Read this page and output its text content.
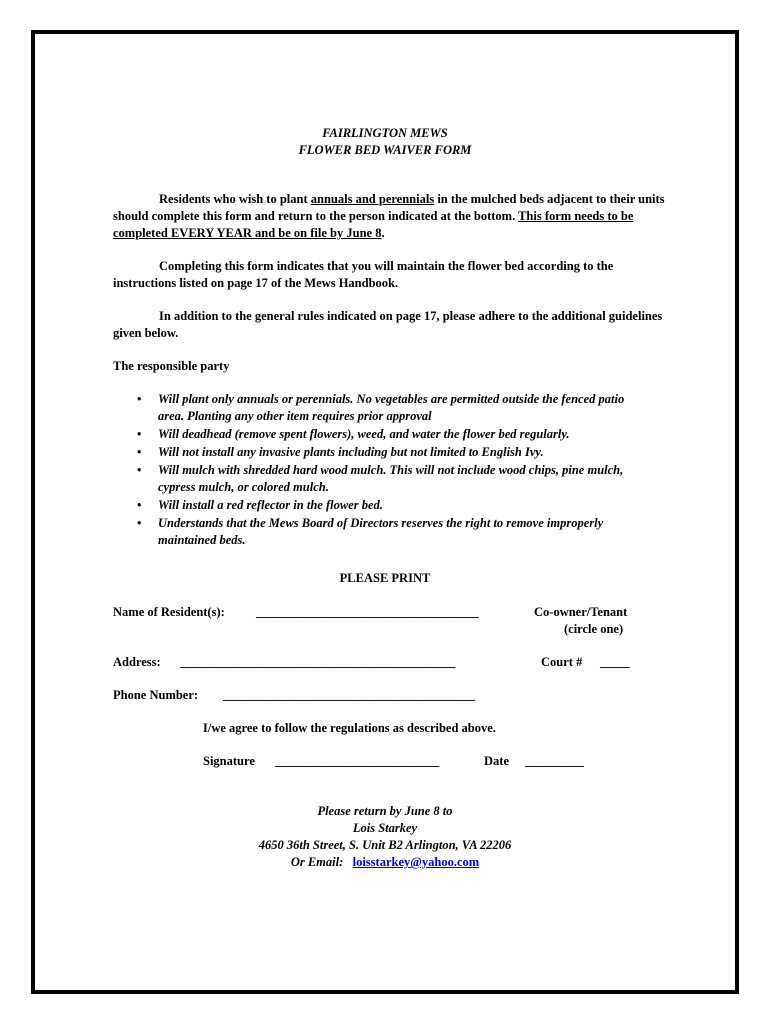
FAIRLINGTON MEWS
FLOWER BED WAIVER FORM
Residents who wish to plant annuals and perennials in the mulched beds adjacent to their units should complete this form and return to the person indicated at the bottom. This form needs to be completed EVERY YEAR and be on file by June 8.
Completing this form indicates that you will maintain the flower bed according to the instructions listed on page 17 of the Mews Handbook.
In addition to the general rules indicated on page 17, please adhere to the additional guidelines given below.
The responsible party
• Will plant only annuals or perennials. No vegetables are permitted outside the fenced patio area. Planting any other item requires prior approval
• Will deadhead (remove spent flowers), weed, and water the flower bed regularly.
• Will not install any invasive plants including but not limited to English Ivy.
• Will mulch with shredded hard wood mulch. This will not include wood chips, pine mulch, cypress mulch, or colored mulch.
• Will install a red reflector in the flower bed.
• Understands that the Mews Board of Directors reserves the right to remove improperly maintained beds.
PLEASE PRINT
Name of Resident(s): ______________________________________	Co-owner/Tenant
(circle one)
Address: _______________________________________________	Court # _____
Phone Number: ___________________________________________
I/we agree to follow the regulations as described above.
Signature ____________________________	Date __________
Please return by June 8 to
Lois Starkey
4650 36th Street, S. Unit B2 Arlington, VA 22206
Or Email: loisstarkey@yahoo.com
